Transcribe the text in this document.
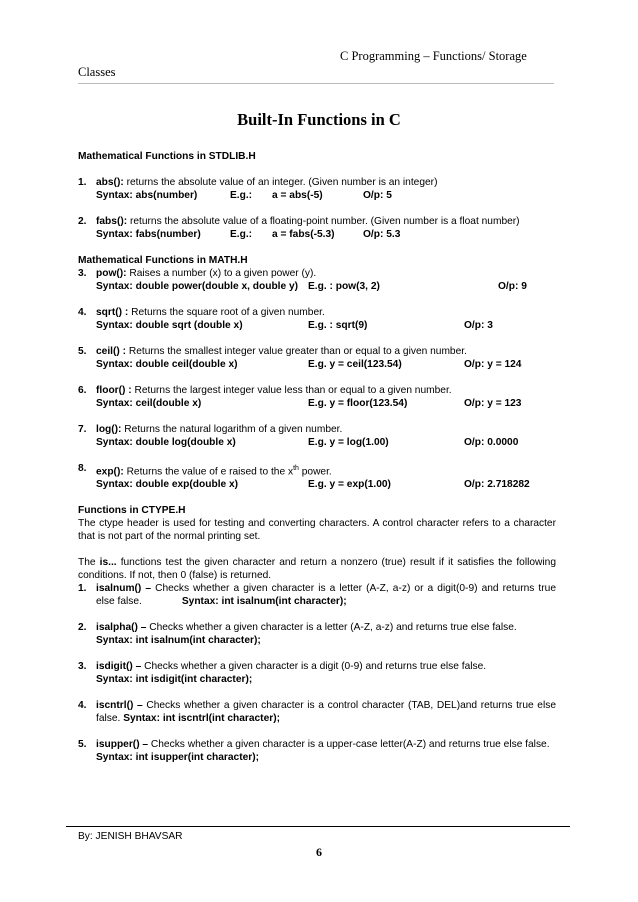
C Programming – Functions/ Storage
Classes
Built-In Functions in C
Mathematical Functions in STDLIB.H
1. abs(): returns the absolute value of an integer. (Given number is an integer)
Syntax: abs(number)	E.g.:	a = abs(-5)	O/p: 5
2. fabs(): returns the absolute value of a floating-point number. (Given number is a float number)
Syntax: fabs(number)	E.g.:	a = fabs(-5.3)	O/p: 5.3
Mathematical Functions in MATH.H
3. pow(): Raises a number (x) to a given power (y).
Syntax: double power(double x, double y) E.g. : pow(3, 2)	O/p: 9
4. sqrt() : Returns the square root of a given number.
Syntax: double sqrt (double x)	E.g. : sqrt(9)	O/p: 3
5. ceil() : Returns the smallest integer value greater than or equal to a given number.
Syntax: double ceil(double x)	E.g. y = ceil(123.54)	O/p: y = 124
6. floor() : Returns the largest integer value less than or equal to a given number.
Syntax: ceil(double x)	E.g. y = floor(123.54)	O/p: y = 123
7. log(): Returns the natural logarithm of a given number.
Syntax: double log(double x)	E.g. y = log(1.00)	O/p: 0.0000
8. exp(): Returns the value of e raised to the $x^{th}$ power.
Syntax: double exp(double x)	E.g. y = exp(1.00)	O/p: 2.718282
Functions in CTYPE.H
The ctype header is used for testing and converting characters. A control character refers to a character that is not part of the normal printing set.
The is... functions test the given character and return a nonzero (true) result if it satisfies the following conditions. If not, then 0 (false) is returned.
1. isalnum() – Checks whether a given character is a letter (A-Z, a-z) or a digit(0-9) and returns true else false.	Syntax: int isalnum(int character);
2. isalpha() – Checks whether a given character is a letter (A-Z, a-z) and returns true else false.
Syntax: int isalnum(int character);
3. isdigit() – Checks whether a given character is a digit (0-9) and returns true else false.
Syntax: int isdigit(int character);
4. iscntrl() – Checks whether a given character is a control character (TAB, DEL)and returns true else false. Syntax: int iscntrl(int character);
5. isupper() – Checks whether a given character is a upper-case letter(A-Z) and returns true else false.
Syntax: int isupper(int character);
By: JENISH BHAVSAR
6
